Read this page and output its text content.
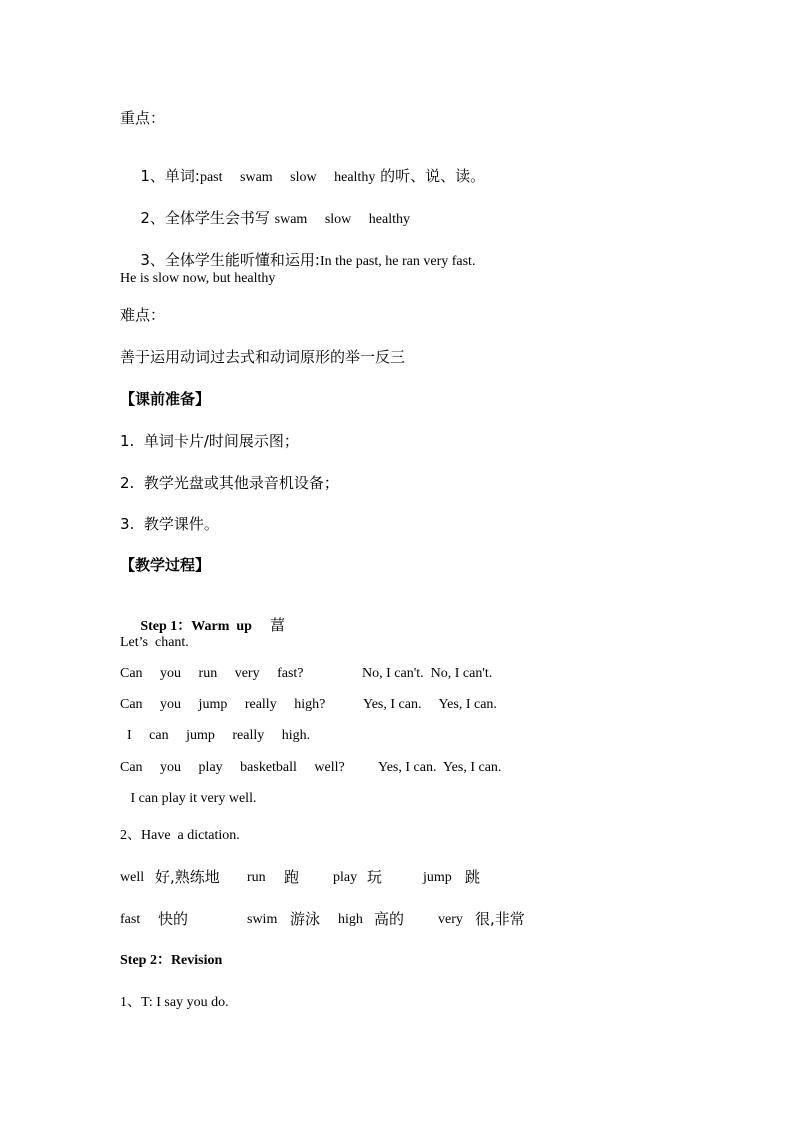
重点：

1、单词:past     swam     slow     healthy 的听、说、读。

2、全体学生会书写 swam     slow     healthy

3、全体学生能听懂和运用:In the past, he ran very fast.

He is slow now, but healthy
难点：
善于运用动词过去式和动词原形的举一反三
【课前准备】
1.  单词卡片/时间展示图；
2.  教学光盘或其他录音机设备；
3.  教学课件。
【教学过程】

Step 1：Warm  up 葍

Let’s  chant.
Can     you     run     very     fast?	No, I can't.  No, I can't.
Can     you     jump     really     high?	Yes, I can.     Yes, I can.
I     can     jump     really     high.
Can     you     play     basketball     well? Yes, I can.  Yes, I can.
I can play it very well.
2、Have  a dictation.
well 好,熟练地 run 跑 play 玩	jump 跳
fast 快的	swim 游泳 high 高的 very 很,非常
Step 2：Revision
1、T: I say you do.
